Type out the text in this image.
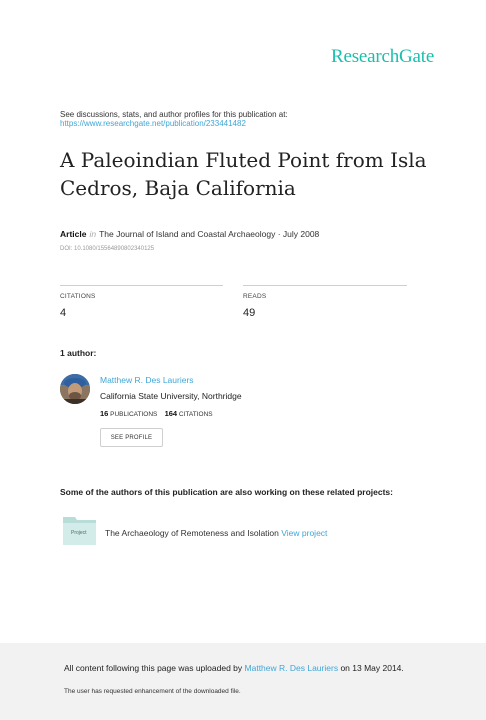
ResearchGate
See discussions, stats, and author profiles for this publication at:
https://www.researchgate.net/publication/233441482
A Paleoindian Fluted Point from Isla Cedros, Baja California
Article in The Journal of Island and Coastal Archaeology · July 2008
DOI: 10.1080/15564890802340125
CITATIONS
4
READS
49
1 author:
Matthew R. Des Lauriers
California State University, Northridge
16 PUBLICATIONS 164 CITATIONS
SEE PROFILE
Some of the authors of this publication are also working on these related projects:
Project The Archaeology of Remoteness and Isolation View project
All content following this page was uploaded by Matthew R. Des Lauriers on 13 May 2014.
The user has requested enhancement of the downloaded file.
